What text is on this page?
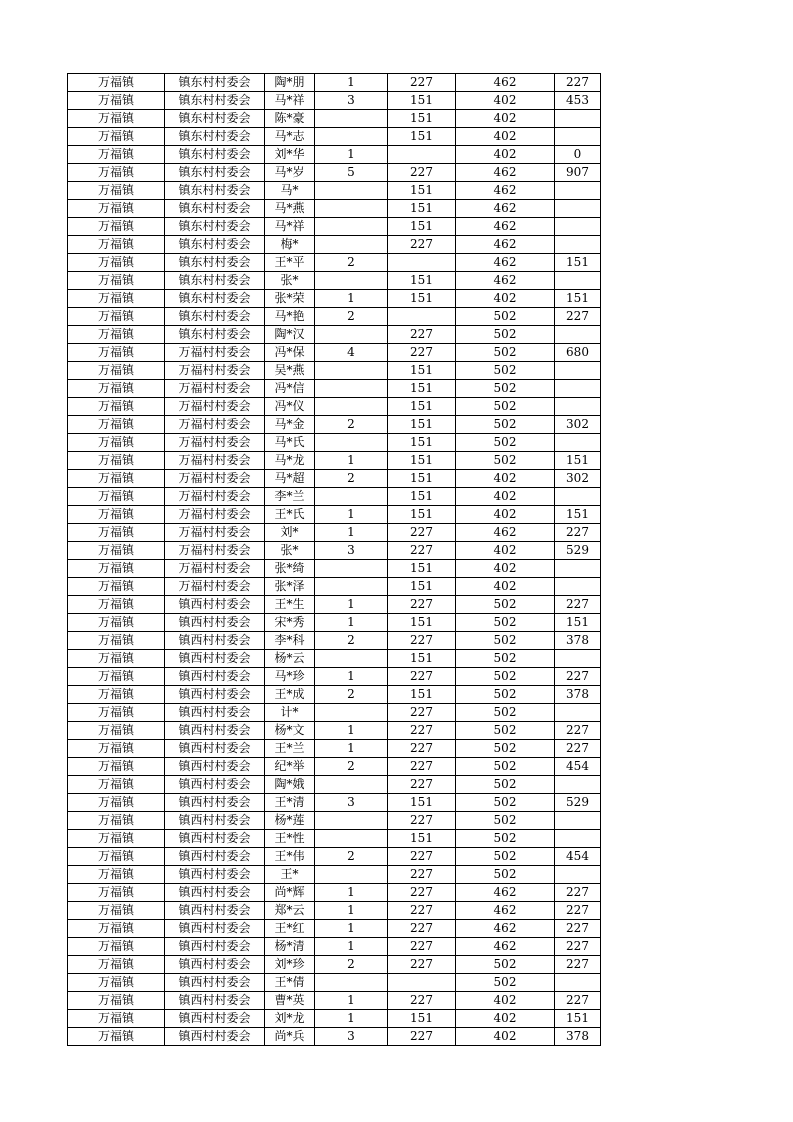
万福镇	镇东村村委会	陶*朋	1	227	462	227
万福镇	镇东村村委会	马*祥	3	151	402	453
万福镇	镇东村村委会	陈*豪		151	402	
万福镇	镇东村村委会	马*志		151	402	
万福镇	镇东村村委会	刘*华	1		402	0
万福镇	镇东村村委会	马*岁	5	227	462	907
万福镇	镇东村村委会	马*		151	462	
万福镇	镇东村村委会	马*燕		151	462	
万福镇	镇东村村委会	马*祥		151	462	
万福镇	镇东村村委会	梅*		227	462	
万福镇	镇东村村委会	王*平	2		462	151
万福镇	镇东村村委会	张*		151	462	
万福镇	镇东村村委会	张*荣	1	151	402	151
万福镇	镇东村村委会	马*艳	2		502	227
万福镇	镇东村村委会	陶*汉		227	502	
万福镇	万福村村委会	冯*保	4	227	502	680
万福镇	万福村村委会	吴*燕		151	502	
万福镇	万福村村委会	冯*信		151	502	
万福镇	万福村村委会	冯*仪		151	502	
万福镇	万福村村委会	马*金	2	151	502	302
万福镇	万福村村委会	马*氏		151	502	
万福镇	万福村村委会	马*龙	1	151	502	151
万福镇	万福村村委会	马*超	2	151	402	302
万福镇	万福村村委会	李*兰		151	402	
万福镇	万福村村委会	王*氏	1	151	402	151
万福镇	万福村村委会	刘*	1	227	462	227
万福镇	万福村村委会	张*	3	227	402	529
万福镇	万福村村委会	张*绮		151	402	
万福镇	万福村村委会	张*泽		151	402	
万福镇	镇西村村委会	王*生	1	227	502	227
万福镇	镇西村村委会	宋*秀	1	151	502	151
万福镇	镇西村村委会	李*科	2	227	502	378
万福镇	镇西村村委会	杨*云		151	502	
万福镇	镇西村村委会	马*珍	1	227	502	227
万福镇	镇西村村委会	王*成	2	151	502	378
万福镇	镇西村村委会	计*		227	502	
万福镇	镇西村村委会	杨*文	1	227	502	227
万福镇	镇西村村委会	王*兰	1	227	502	227
万福镇	镇西村村委会	纪*举	2	227	502	454
万福镇	镇西村村委会	陶*娥		227	502	
万福镇	镇西村村委会	王*清	3	151	502	529
万福镇	镇西村村委会	杨*莲		227	502	
万福镇	镇西村村委会	王*性		151	502	
万福镇	镇西村村委会	王*伟	2	227	502	454
万福镇	镇西村村委会	王*		227	502	
万福镇	镇西村村委会	尚*辉	1	227	462	227
万福镇	镇西村村委会	郑*云	1	227	462	227
万福镇	镇西村村委会	王*红	1	227	462	227
万福镇	镇西村村委会	杨*清	1	227	462	227
万福镇	镇西村村委会	刘*珍	2	227	502	227
万福镇	镇西村村委会	王*倩			502	
万福镇	镇西村村委会	曹*英	1	227	402	227
万福镇	镇西村村委会	刘*龙	1	151	402	151
万福镇	镇西村村委会	尚*兵	3	227	402	378
